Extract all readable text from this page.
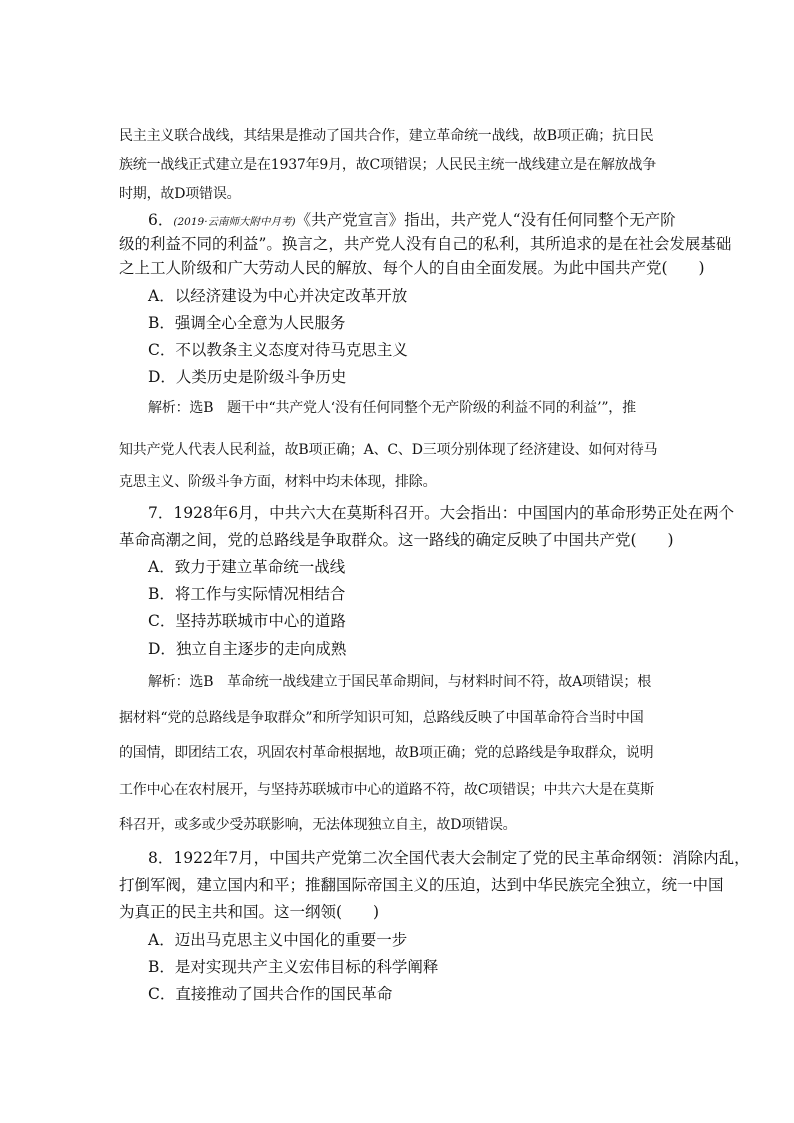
民主主义联合战线，其结果是推动了国共合作，建立革命统一战线，故B项正确；抗日民
族统一战线正式建立是在1937年9月，故C项错误；人民民主统一战线建立是在解放战争
时期，故D项错误。
6．(2019·云南师大附中月考)《共产党宣言》指出，共产党人“没有任何同整个无产阶
级的利益不同的利益”。换言之，共产党人没有自己的私利，其所追求的是在社会发展基础
之上工人阶级和广大劳动人民的解放、每个人的自由全面发展。为此中国共产党(　　)
A．以经济建设为中心并决定改革开放
B．强调全心全意为人民服务
C．不以教条主义态度对待马克思主义
D．人类历史是阶级斗争历史
解析：选B　题干中“共产党人‘没有任何同整个无产阶级的利益不同的利益’”，推
知共产党人代表人民利益，故B项正确；A、C、D三项分别体现了经济建设、如何对待马
克思主义、阶级斗争方面，材料中均未体现，排除。
7．1928年6月，中共六大在莫斯科召开。大会指出：中国国内的革命形势正处在两个
革命高潮之间，党的总路线是争取群众。这一路线的确定反映了中国共产党(　　)
A．致力于建立革命统一战线
B．将工作与实际情况相结合
C．坚持苏联城市中心的道路
D．独立自主逐步的走向成熟
解析：选B　革命统一战线建立于国民革命期间，与材料时间不符，故A项错误；根
据材料“党的总路线是争取群众”和所学知识可知，总路线反映了中国革命符合当时中国
的国情，即团结工农，巩固农村革命根据地，故B项正确；党的总路线是争取群众，说明
工作中心在农村展开，与坚持苏联城市中心的道路不符，故C项错误；中共六大是在莫斯
科召开，或多或少受苏联影响，无法体现独立自主，故D项错误。
8．1922年7月，中国共产党第二次全国代表大会制定了党的民主革命纲领：消除内乱，
打倒军阀，建立国内和平；推翻国际帝国主义的压迫，达到中华民族完全独立，统一中国
为真正的民主共和国。这一纲领(　　)
A．迈出马克思主义中国化的重要一步
B．是对实现共产主义宏伟目标的科学阐释
C．直接推动了国共合作的国民革命
